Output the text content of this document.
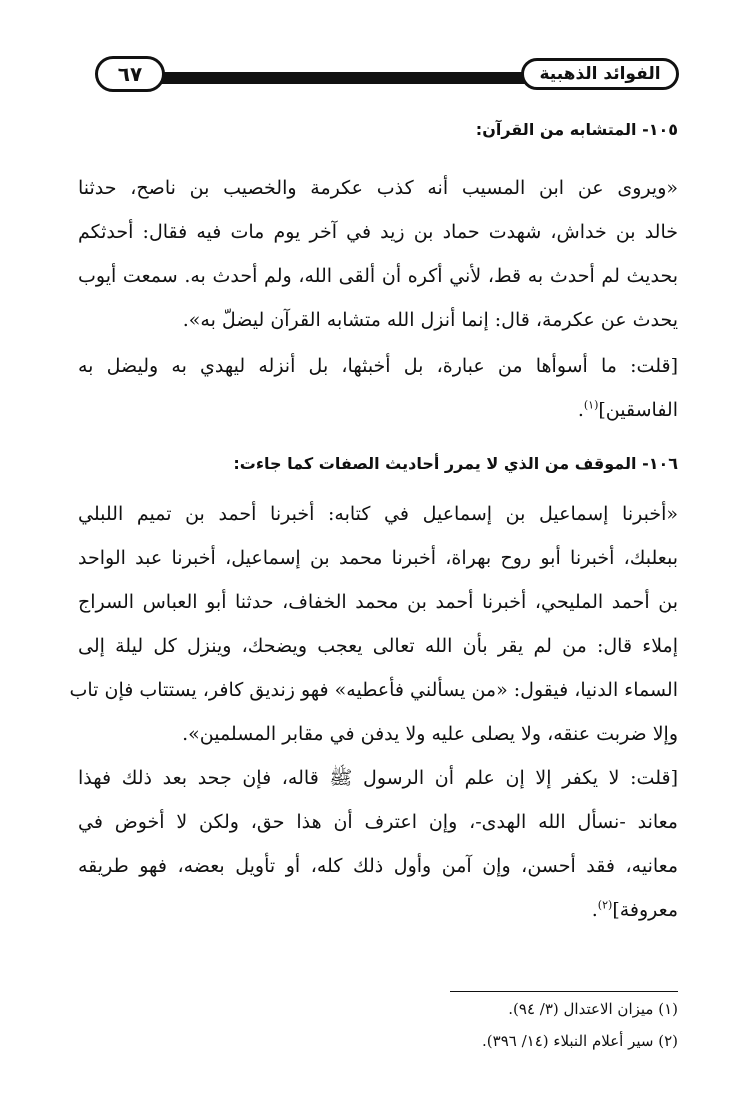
الفوائد الذهبية
٦٧
١٠٥- المتشابه من القرآن:
«ويروى عن ابن المسيب أنه كذب عكرمة والخصيب بن ناصح، حدثنا
خالد بن خداش، شهدت حماد بن زيد في آخر يوم مات فيه فقال: أحدثكم
بحديث لم أحدث به قط، لأني أكره أن ألقى الله، ولم أحدث به. سمعت أيوب
يحدث عن عكرمة، قال: إنما أنزل الله متشابه القرآن ليضلّ به».
[قلت: ما أسوأها من عبارة، بل أخبثها، بل أنزله ليهدي به وليضل به
الفاسقين]$^{(١)}$.
١٠٦- الموقف من الذي لا يمرر أحاديث الصفات كما جاءت:
«أخبرنا إسماعيل بن إسماعيل في كتابه: أخبرنا أحمد بن تميم اللبلي
ببعلبك، أخبرنا أبو روح بهراة، أخبرنا محمد بن إسماعيل، أخبرنا عبد الواحد
بن أحمد المليحي، أخبرنا أحمد بن محمد الخفاف، حدثنا أبو العباس السراج
إملاء قال: من لم يقر بأن الله تعالى يعجب ويضحك، وينزل كل ليلة إلى
السماء الدنيا، فيقول: «من يسألني فأعطيه» فهو زنديق كافر، يستتاب فإن تاب
وإلا ضربت عنقه، ولا يصلى عليه ولا يدفن في مقابر المسلمين».
[قلت: لا يكفر إلا إن علم أن الرسول ﷺ قاله، فإن جحد بعد ذلك فهذا
معاند -نسأل الله الهدى-، وإن اعترف أن هذا حق، ولكن لا أخوض في
معانيه، فقد أحسن، وإن آمن وأول ذلك كله، أو تأويل بعضه، فهو طريقه
معروفة]$^{(٢)}$.
(١) ميزان الاعتدال (٣/ ٩٤).
(٢) سير أعلام النبلاء (١٤/ ٣٩٦).
